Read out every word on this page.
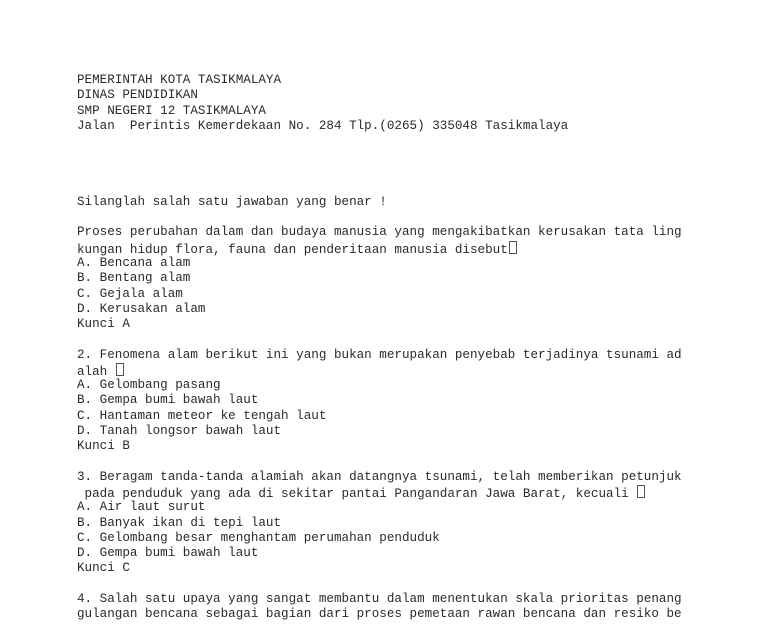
PEMERINTAH KOTA TASIKMALAYA
DINAS PENDIDIKAN
SMP NEGERI 12 TASIKMALAYA
Jalan  Perintis Kemerdekaan No. 284 Tlp.(0265) 335048 Tasikmalaya
Silanglah salah satu jawaban yang benar !
Proses perubahan dalam dan budaya manusia yang mengakibatkan kerusakan tata ling
kungan hidup flora, fauna dan penderitaan manusia disebut
A. Bencana alam
B. Bentang alam
C. Gejala alam
D. Kerusakan alam
Kunci A
2. Fenomena alam berikut ini yang bukan merupakan penyebab terjadinya tsunami ad
alah
A. Gelombang pasang
B. Gempa bumi bawah laut
C. Hantaman meteor ke tengah laut
D. Tanah longsor bawah laut
Kunci B
3. Beragam tanda-tanda alamiah akan datangnya tsunami, telah memberikan petunjuk
pada penduduk yang ada di sekitar pantai Pangandaran Jawa Barat, kecuali
A. Air laut surut
B. Banyak ikan di tepi laut
C. Gelombang besar menghantam perumahan penduduk
D. Gempa bumi bawah laut
Kunci C
4. Salah satu upaya yang sangat membantu dalam menentukan skala prioritas penang
gulangan bencana sebagai bagian dari proses pemetaan rawan bencana dan resiko be
